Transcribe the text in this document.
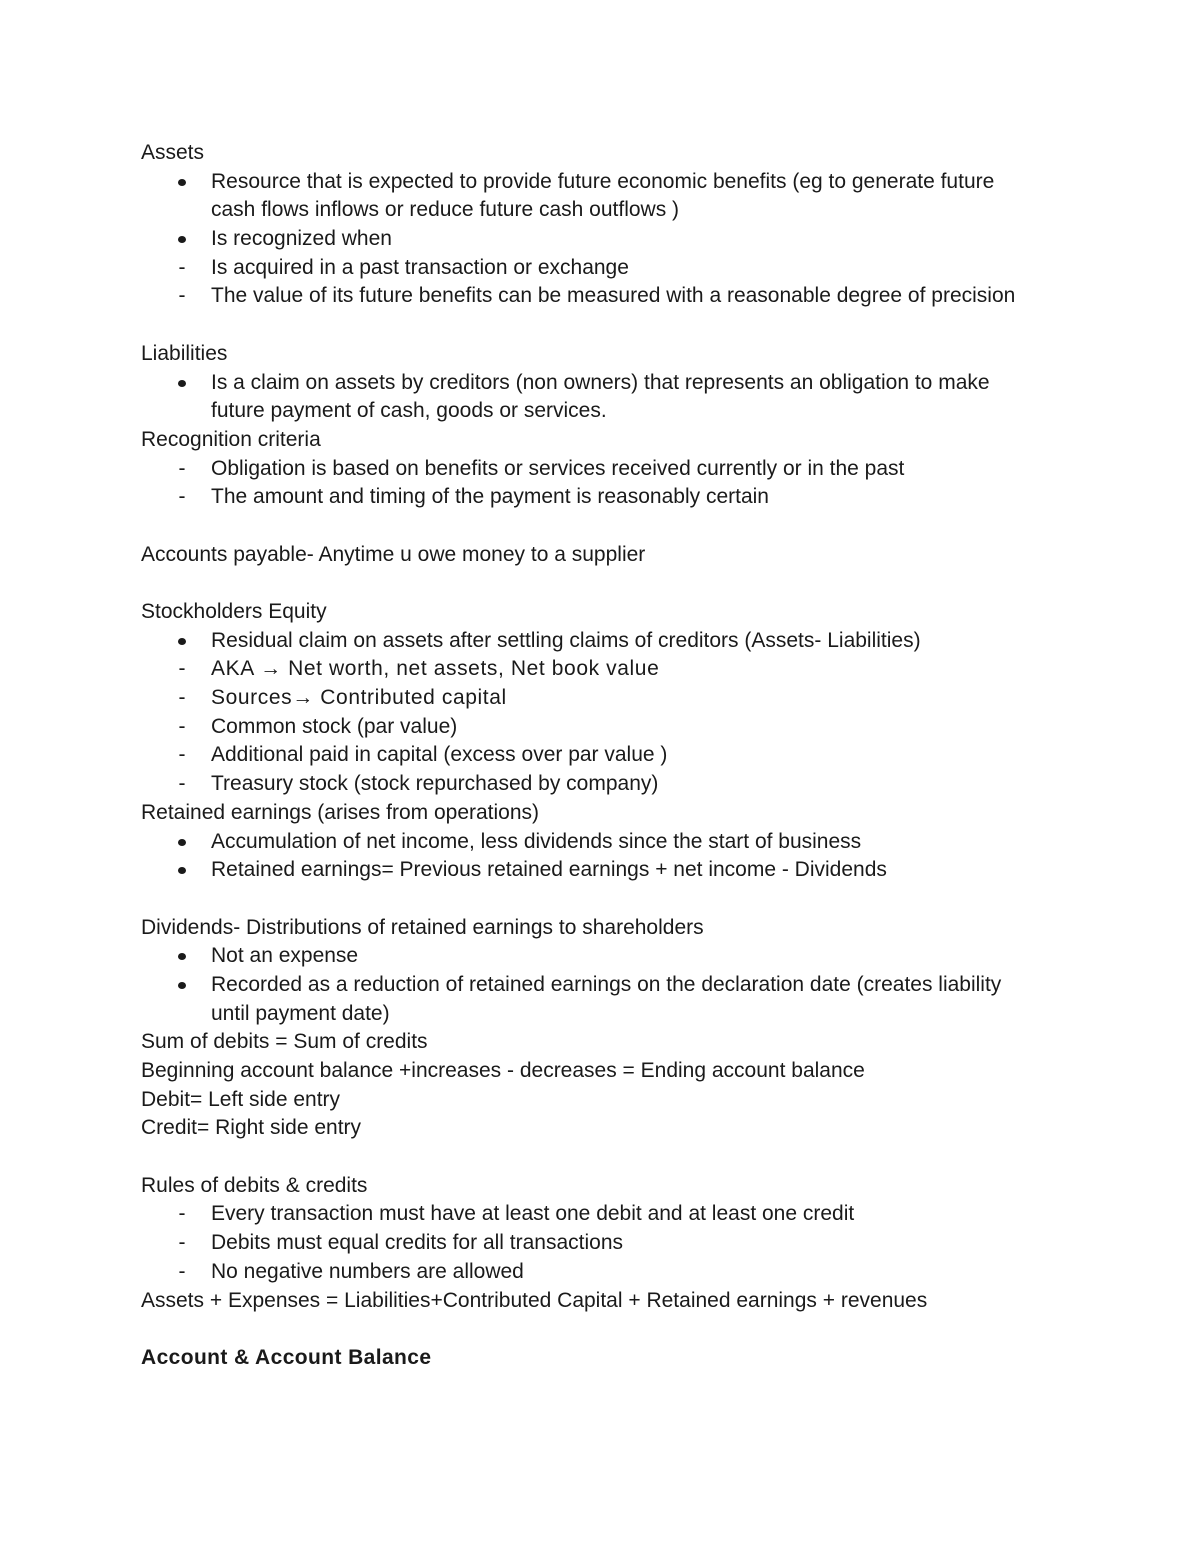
Assets
Resource that is expected to provide future economic benefits (eg to generate future
cash flows inflows or reduce future cash outflows )
Is recognized when
- Is acquired in a past transaction or exchange
- The value of its future benefits can be measured with a reasonable degree of precision
Liabilities
Is a claim on assets by creditors (non owners) that represents an obligation to make
future payment of cash, goods or services.
Recognition criteria
- Obligation is based on benefits or services received currently or in the past
- The amount and timing of the payment is reasonably certain
Accounts payable- Anytime u owe money to a supplier
Stockholders Equity
Residual claim on assets after settling claims of creditors (Assets- Liabilities)
- AKA → Net worth, net assets, Net book value
- Sources→ Contributed capital
- Common stock (par value)
- Additional paid in capital (excess over par value )
- Treasury stock (stock repurchased by company)
Retained earnings (arises from operations)
Accumulation of net income, less dividends since the start of business
Retained earnings= Previous retained earnings + net income - Dividends
Dividends- Distributions of retained earnings to shareholders
Not an expense
Recorded as a reduction of retained earnings on the declaration date (creates liability
until payment date)
Sum of debits = Sum of credits
Beginning account balance +increases - decreases = Ending account balance
Debit= Left side entry
Credit= Right side entry
Rules of debits & credits
- Every transaction must have at least one debit and at least one credit
- Debits must equal credits for all transactions
- No negative numbers are allowed
Assets + Expenses = Liabilities+Contributed Capital + Retained earnings + revenues
Account & Account Balance
